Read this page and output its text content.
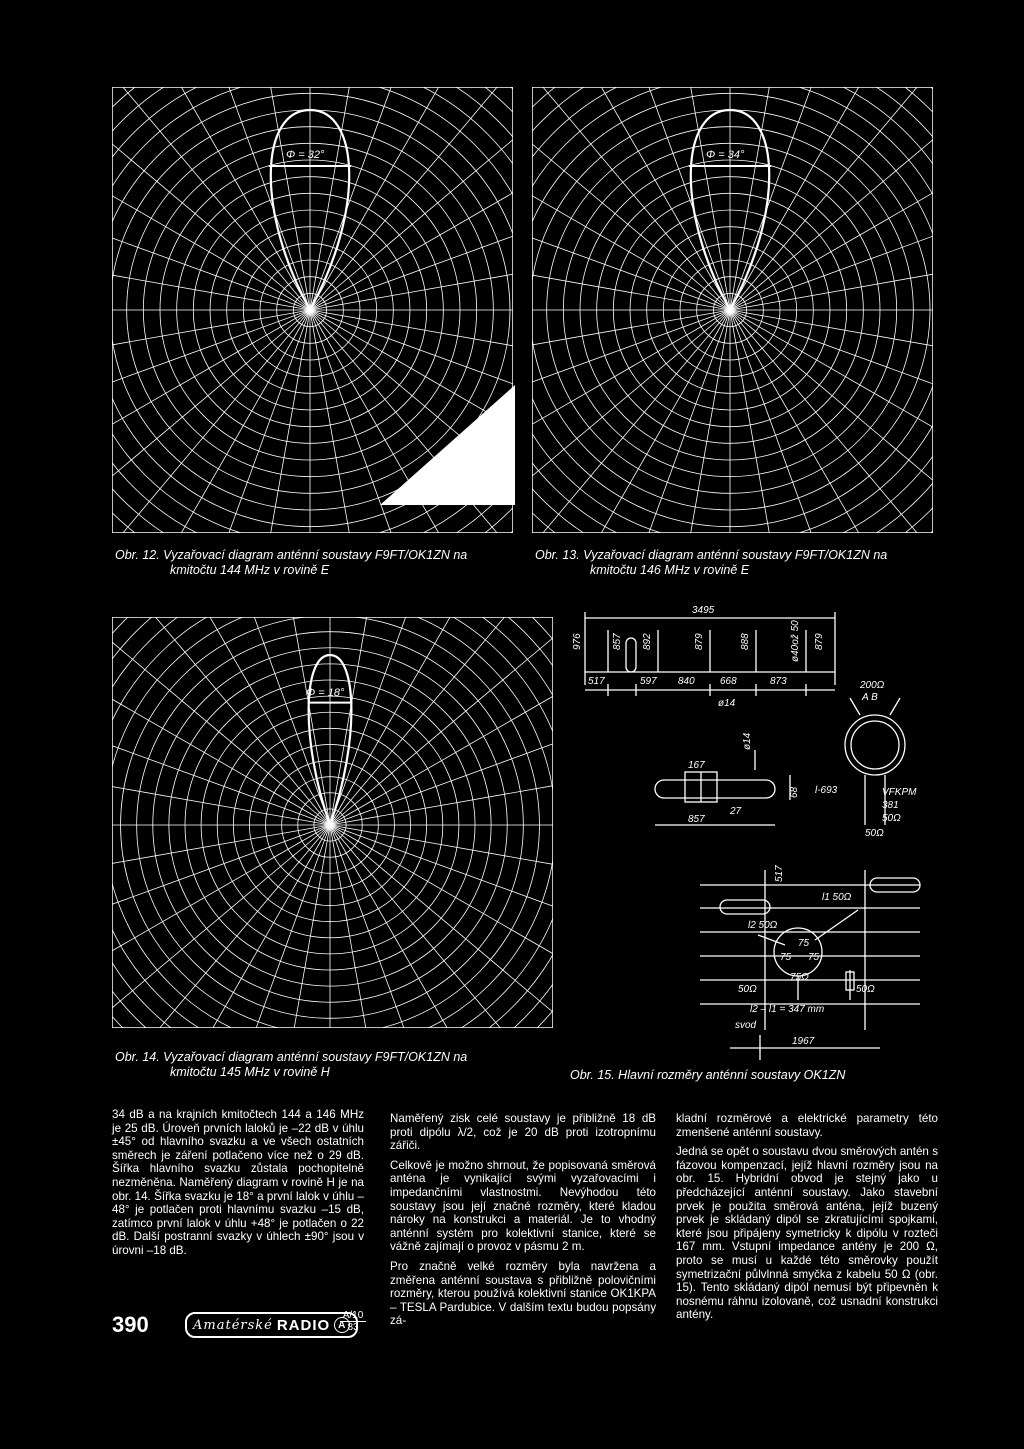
Φ = 32°
Obr. 12. Vyzařovací diagram anténní soustavy F9FT/OK1ZN na
kmitočtu 144 MHz v rovině E
Φ = 34°
Obr. 13. Vyzařovací diagram anténní soustavy F9FT/OK1ZN na
kmitočtu 146 MHz v rovině E
Φ = 18°
Obr. 14. Vyzařovací diagram anténní soustavy F9FT/OK1ZN na
kmitočtu 145 MHz v rovině H
3495
976	857 892	879	888	ø40ož 50 879
517	597 840	668	873
ø14
200Ω
A B
167
ø14
27
857
68 l-693	VFKPM
381
50Ω
50Ω
517
l1 50Ω
l2 50Ω
75
75 75
75Ω
50Ω	50Ω
l2 – l1 = 347 mm
svod
1967
Obr. 15. Hlavní rozměry anténní soustavy OK1ZN

34 dB a na krajních kmitočtech 144 a 146 MHz je 25 dB. Úroveň prvních laloků je –22 dB v úhlu ±45° od hlavního svazku a ve všech ostatních směrech je záření potlačeno více než o 29 dB. Šířka hlavního svazku zůstala pochopitelně nezměněna. Naměřený diagram v rovině H je na obr. 14. Šířka svazku je 18° a první lalok v úhlu –48° je potlačen proti hlavnímu svazku –15 dB, zatímco první lalok v úhlu +48° je potlačen o 22 dB. Další postranní svazky v úhlech ±90° jsou v úrovni –18 dB.

Naměřený zisk celé soustavy je přibližně 18 dB proti dipólu λ/2, což je 20 dB proti izotropnímu zářiči.

Celkově je možno shrnout, že popisovaná směrová anténa je vynikající svými vyzařovacími i impedančními vlastnostmi. Nevýhodou této soustavy jsou její značné rozměry, které kladou nároky na konstrukci a materiál. Je to vhodný anténní systém pro kolektivní stanice, které se vážně zajímají o provoz v pásmu 2 m.

Pro značně velké rozměry byla navržena a změřena anténní soustava s přibližně polovičními rozměry, kterou používá kolektivní stanice OK1KPA – TESLA Pardubice. V dalším textu budou popsány zá-

kladní rozměrové a elektrické parametry této zmenšené anténní soustavy.

Jedná se opět o soustavu dvou směrových antén s fázovou kompenzací, jejíž hlavní rozměry jsou na obr. 15. Hybridní obvod je stejný jako u předcházející anténní soustavy. Jako stavební prvek je použita směrová anténa, jejíž buzený prvek je skládaný dipól se zkratujícími spojkami, které jsou připájeny symetricky k dipólu v rozteči 167 mm. Vstupní impedance antény je 200 Ω, proto se musí u každé této směrovky použít symetrizační půlvlnná smyčka z kabelu 50 Ω (obr. 15). Tento skládaný dipól nemusí být připevněn k nosnému ráhnu izolovaně, což usnadní konstrukci antény.

390	Amatérské RADIO A
A/10
83
